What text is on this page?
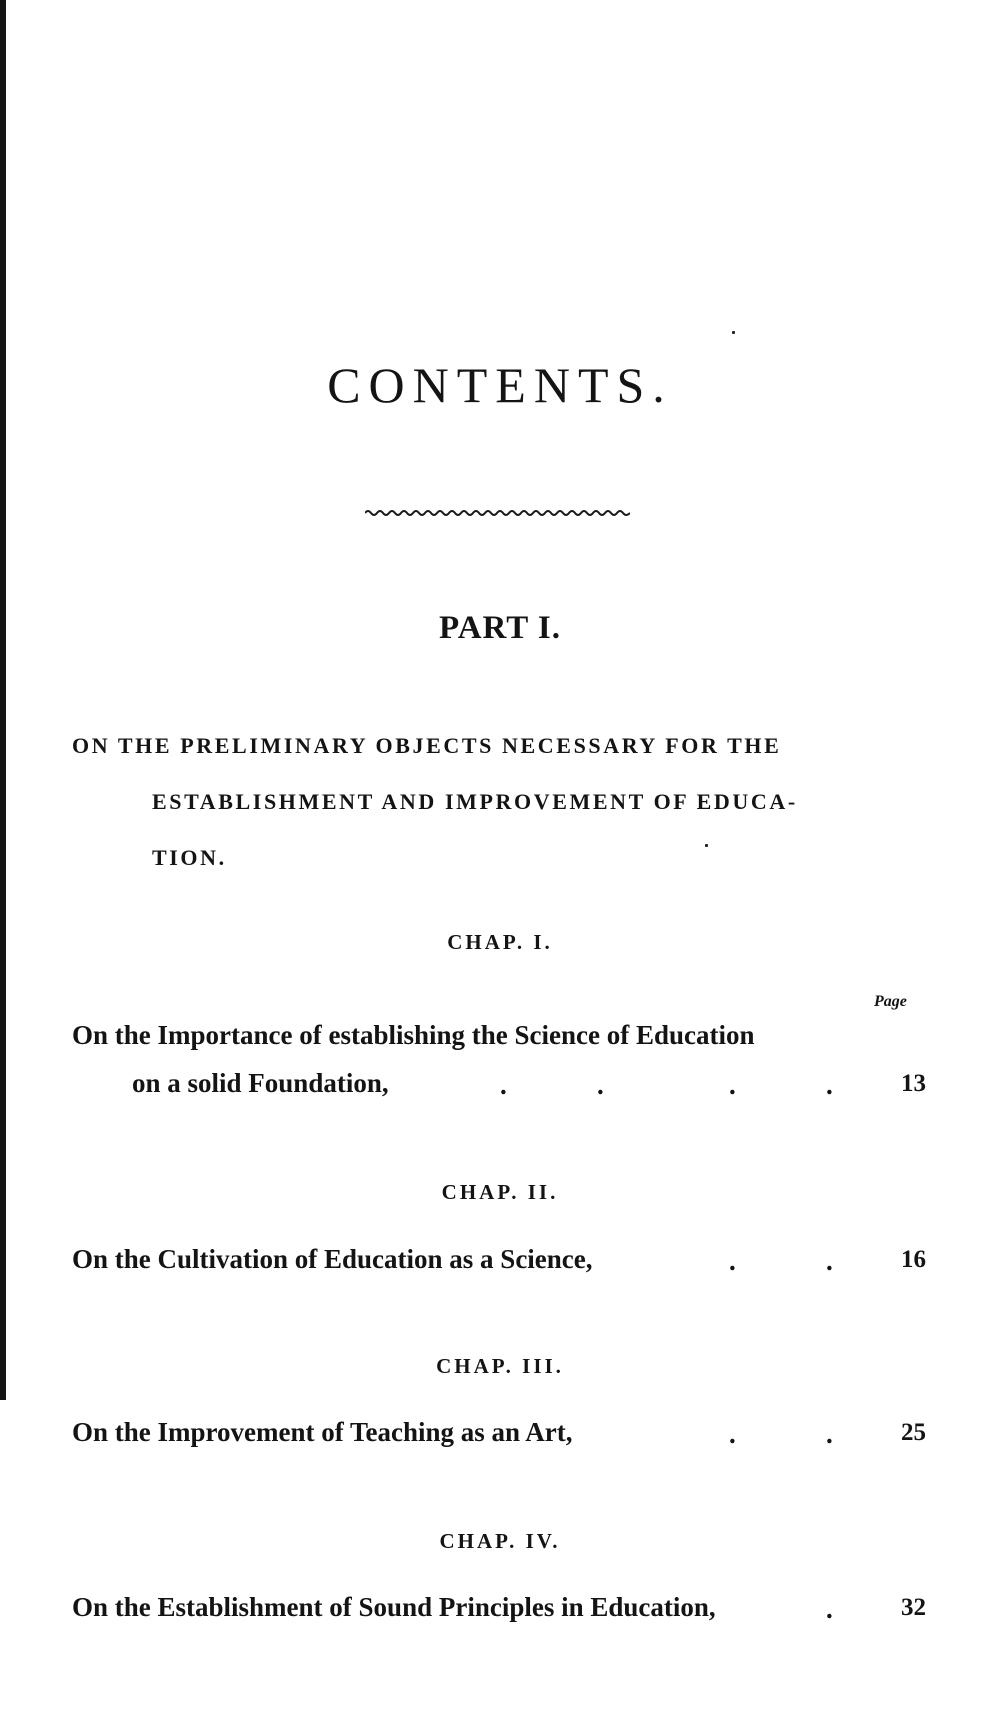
CONTENTS.
PART I.
ON THE PRELIMINARY OBJECTS NECESSARY FOR THE
ESTABLISHMENT AND IMPROVEMENT OF EDUCA-
TION.
CHAP. I.
Page
On the Importance of establishing the Science of Education
on a solid Foundation,	.	.	.	.	13
CHAP. II.
On the Cultivation of Education as a Science,	.	.	16
CHAP. III.
On the Improvement of Teaching as an Art,	.	.	25
CHAP. IV.
On the Establishment of Sound Principles in Education,	.	32
